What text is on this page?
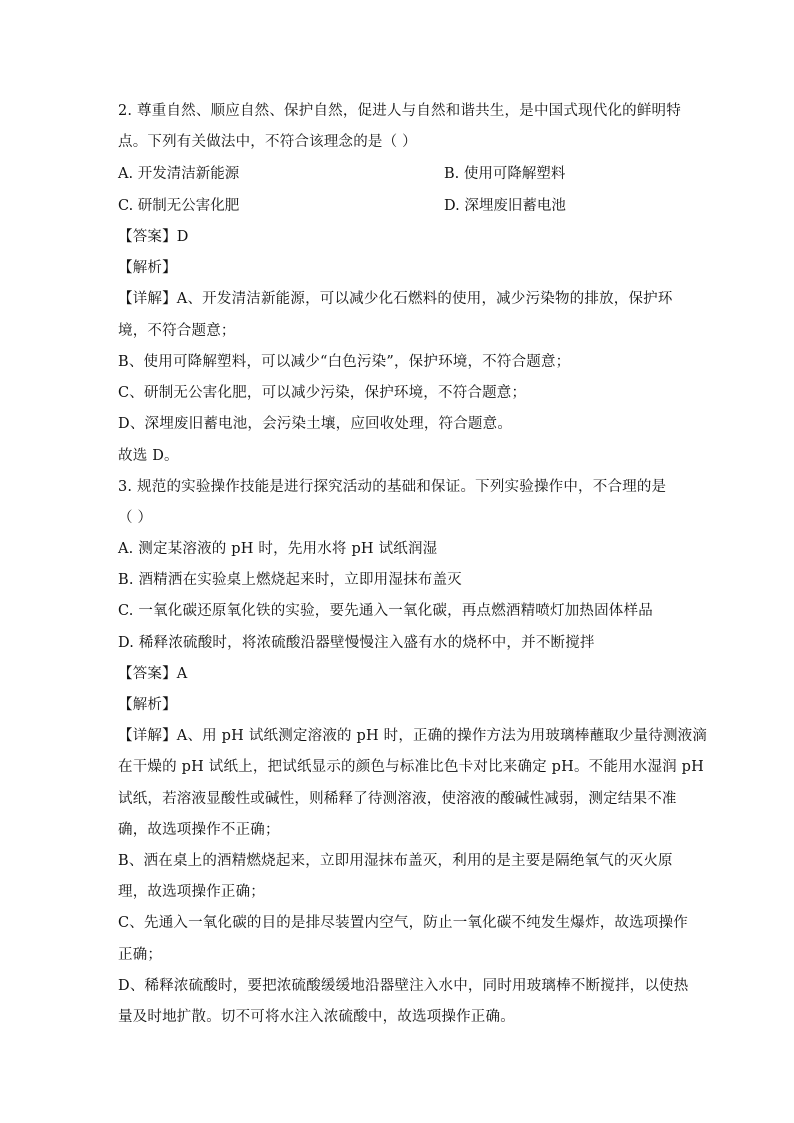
2. 尊重自然、顺应自然、保护自然，促进人与自然和谐共生，是中国式现代化的鲜明特
点。下列有关做法中，不符合该理念的是（ ）
A. 开发清洁新能源	B. 使用可降解塑料
C. 研制无公害化肥	D. 深埋废旧蓄电池
【答案】D
【解析】
【详解】A、开发清洁新能源，可以减少化石燃料的使用，减少污染物的排放，保护环
境，不符合题意；
B、使用可降解塑料，可以减少“白色污染”，保护环境，不符合题意；
C、研制无公害化肥，可以减少污染，保护环境，不符合题意；
D、深埋废旧蓄电池，会污染土壤，应回收处理，符合题意。
故选 D。
3. 规范的实验操作技能是进行探究活动的基础和保证。下列实验操作中，不合理的是
（ ）
A. 测定某溶液的 pH 时，先用水将 pH 试纸润湿
B. 酒精洒在实验桌上燃烧起来时，立即用湿抹布盖灭
C. 一氧化碳还原氧化铁的实验，要先通入一氧化碳，再点燃酒精喷灯加热固体样品
D. 稀释浓硫酸时，将浓硫酸沿器壁慢慢注入盛有水的烧杯中，并不断搅拌
【答案】A
【解析】
【详解】A、用 pH 试纸测定溶液的 pH 时，正确的操作方法为用玻璃棒蘸取少量待测液滴
在干燥的 pH 试纸上，把试纸显示的颜色与标准比色卡对比来确定 pH。不能用水湿润 pH
试纸，若溶液显酸性或碱性，则稀释了待测溶液，使溶液的酸碱性减弱，测定结果不准
确，故选项操作不正确；
B、洒在桌上的酒精燃烧起来，立即用湿抹布盖灭，利用的是主要是隔绝氧气的灭火原
理，故选项操作正确；
C、先通入一氧化碳的目的是排尽装置内空气，防止一氧化碳不纯发生爆炸，故选项操作
正确；
D、稀释浓硫酸时，要把浓硫酸缓缓地沿器壁注入水中，同时用玻璃棒不断搅拌，以使热
量及时地扩散。切不可将水注入浓硫酸中，故选项操作正确。
